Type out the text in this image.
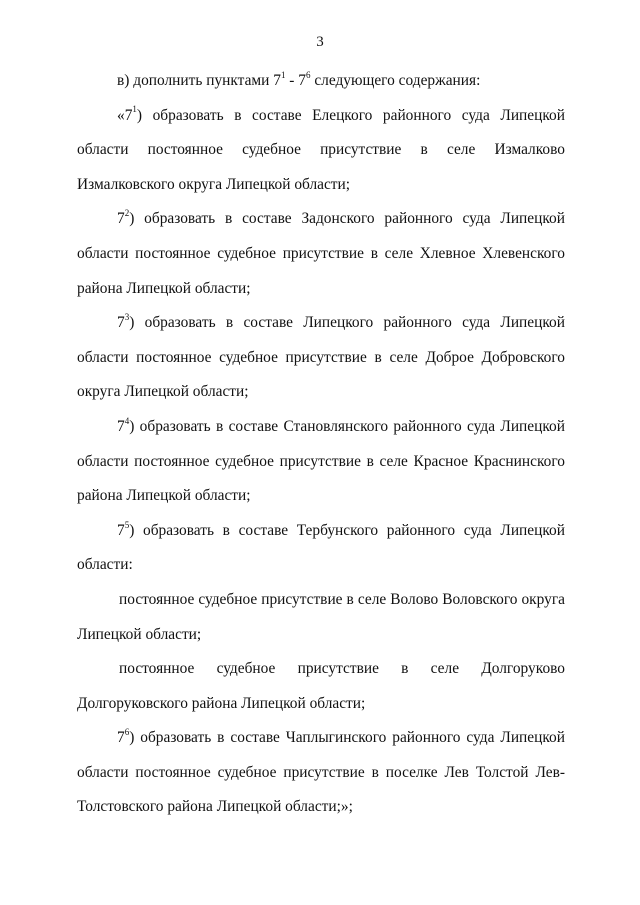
3
в) дополнить пунктами $7^1 - 7^6$ следующего содержания:
«$7^1$) образовать в составе Елецкого районного суда Липецкой
области постоянное судебное присутствие в селе Измалково
Измалковского округа Липецкой области;
$7^2$) образовать в составе Задонского районного суда Липецкой
области постоянное судебное присутствие в селе Хлевное Хлевенского
района Липецкой области;
$7^3$) образовать в составе Липецкого районного суда Липецкой
области постоянное судебное присутствие в селе Доброе Добровского
округа Липецкой области;
$7^4$) образовать в составе Становлянского районного суда Липецкой
области постоянное судебное присутствие в селе Красное Краснинского
района Липецкой области;
$7^5$) образовать в составе Тербунского районного суда Липецкой
области:
постоянное судебное присутствие в селе Волово Воловского округа
Липецкой области;
постоянное судебное присутствие в селе Долгоруково
Долгоруковского района Липецкой области;
$7^6$) образовать в составе Чаплыгинского районного суда Липецкой
области постоянное судебное присутствие в поселке Лев Толстой Лев-
Толстовского района Липецкой области;»;
